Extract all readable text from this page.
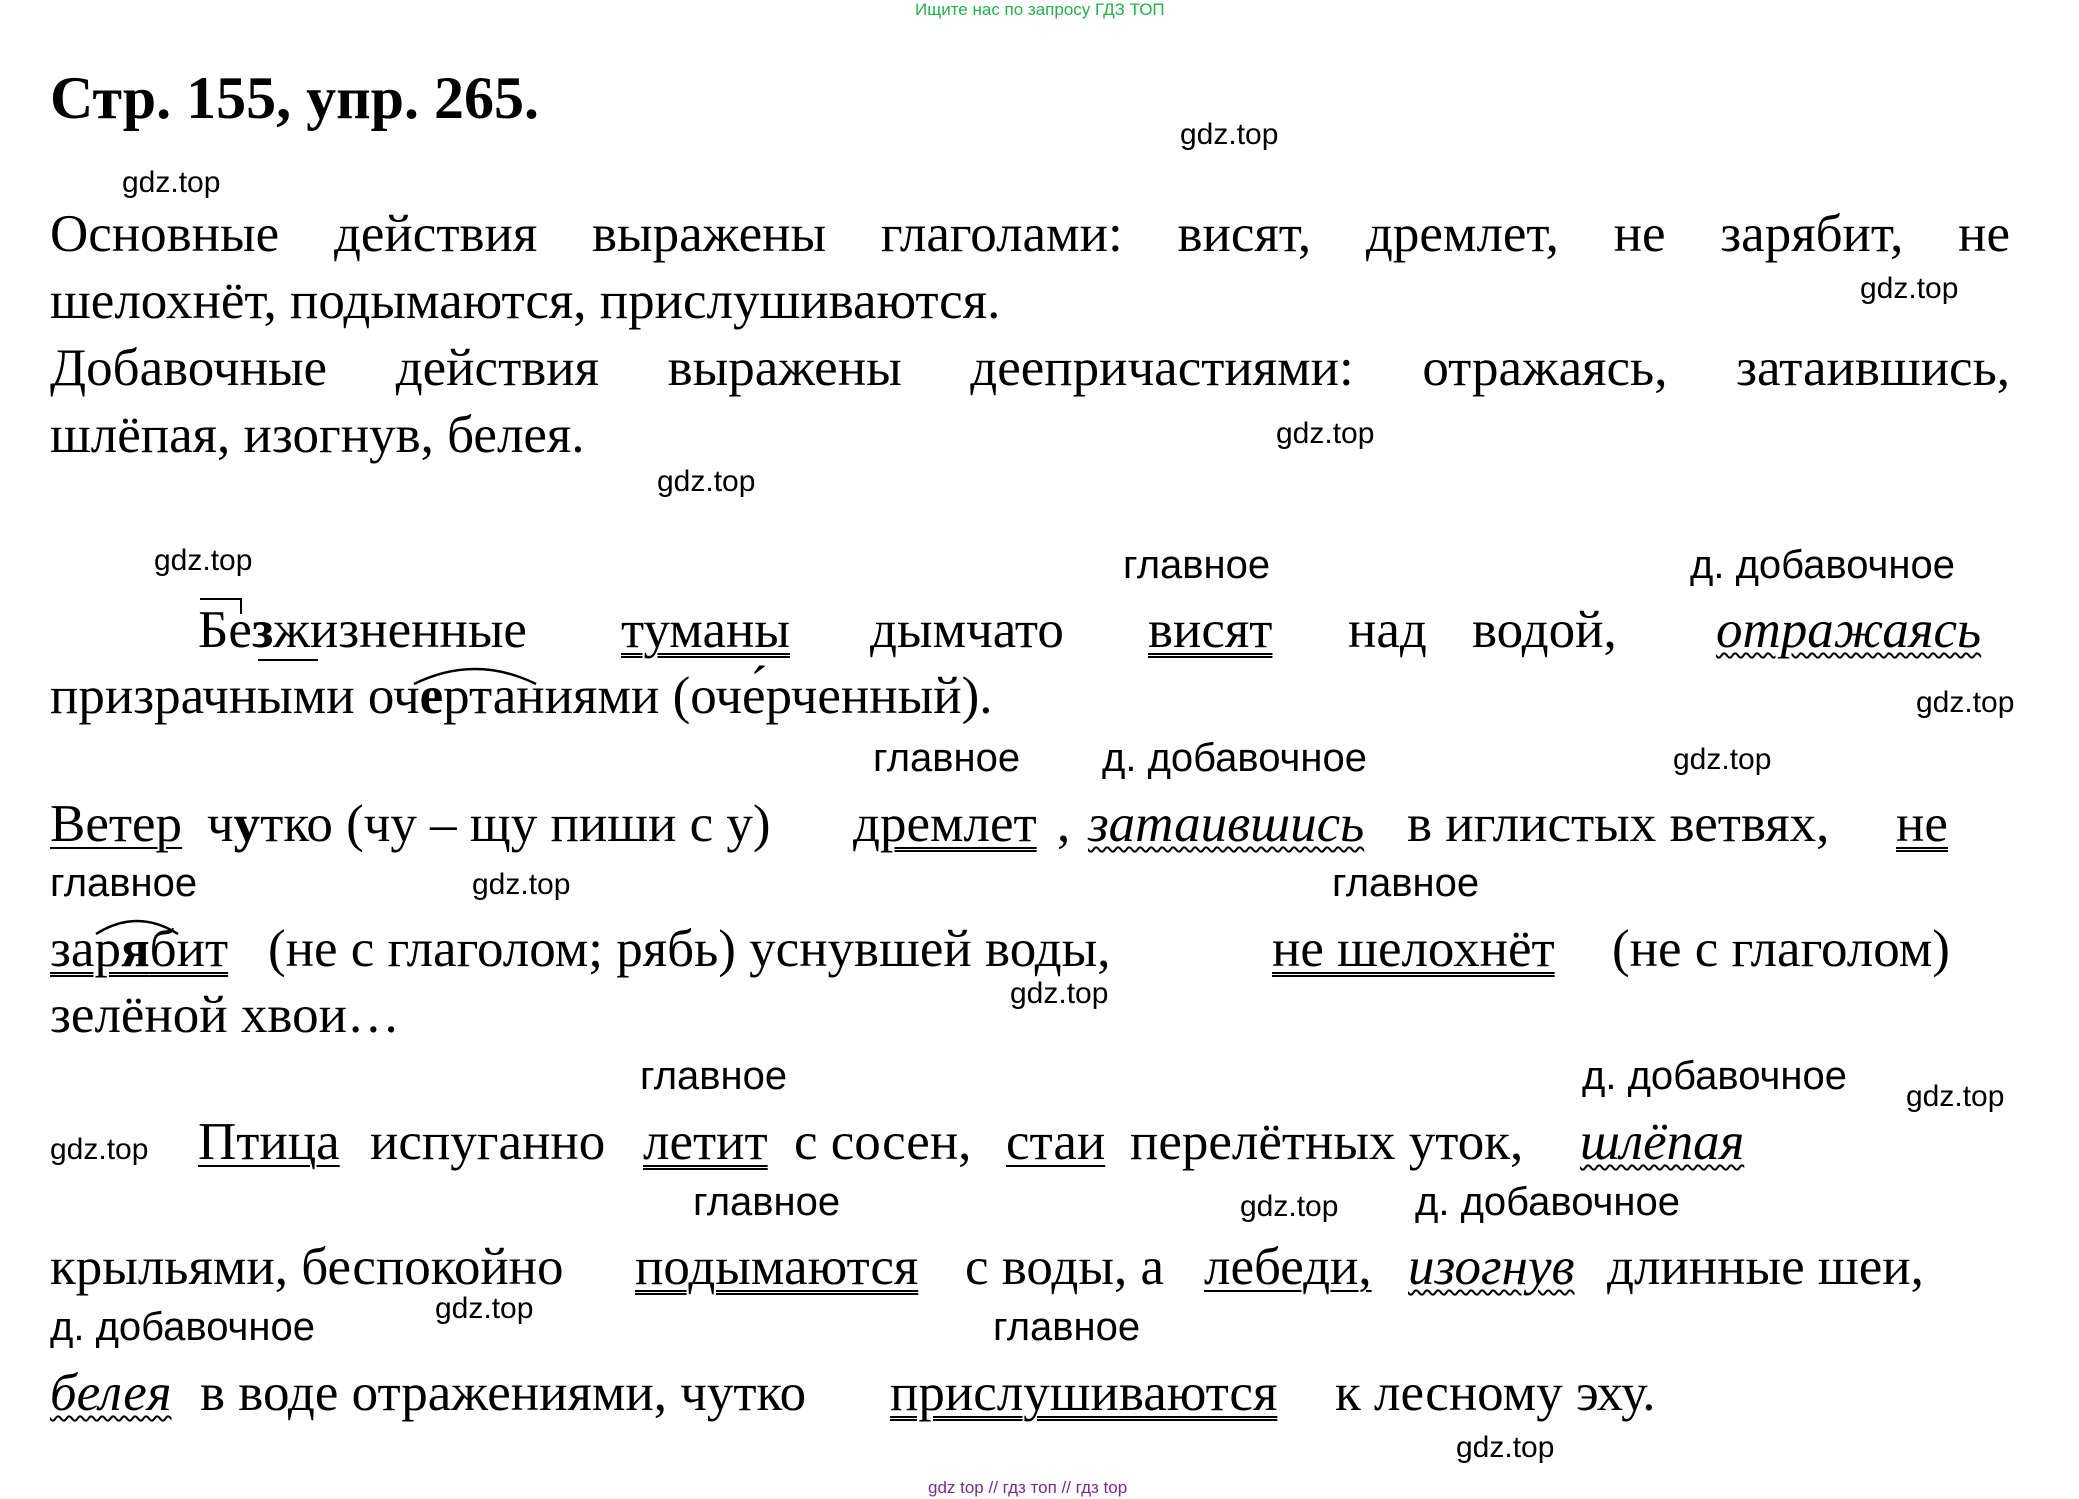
Ищите нас по запросу ГДЗ ТОП
Стр. 155, упр. 265.
gdz.top
gdz.top
gdz.top
gdz.top
gdz.top
gdz.top
gdz.top
gdz.top
gdz.top
gdz.top
gdz.top
gdz.top
gdz.top
gdz.top
gdz.top
Основные действия выражены глаголами: висят, дремлет, не зарябит, не
шелохнёт, подымаются, прислушиваются.
Добавочные действия выражены деепричастиями: отражаясь, затаившись,
шлёпая, изогнув, белея.
главное	д. добавочное
Безжизненные туманы дымчато висят над водой, отражаясь
призрачными очертаниями (оче́рченный).
главное д. добавочное
Ветер чутко (чу – щу пиши с у) дремлет , затаившись в иглистых ветвях, не
главное	главное
зарябит (не с глаголом; рябь) уснувшей воды,	не шелохнёт (не с глаголом)
зелёной хвои…
главное	д. добавочное
Птица испуганно летит с сосен, стаи перелётных уток, шлёпая
главное	д. добавочное
крыльями, беспокойно подымаются с воды, а лебеди, изогнув длинные шеи,
д. добавочное	главное
белея в воде отражениями, чутко прислушиваются к лесному эху.
gdz top // гдз топ // гдз top
